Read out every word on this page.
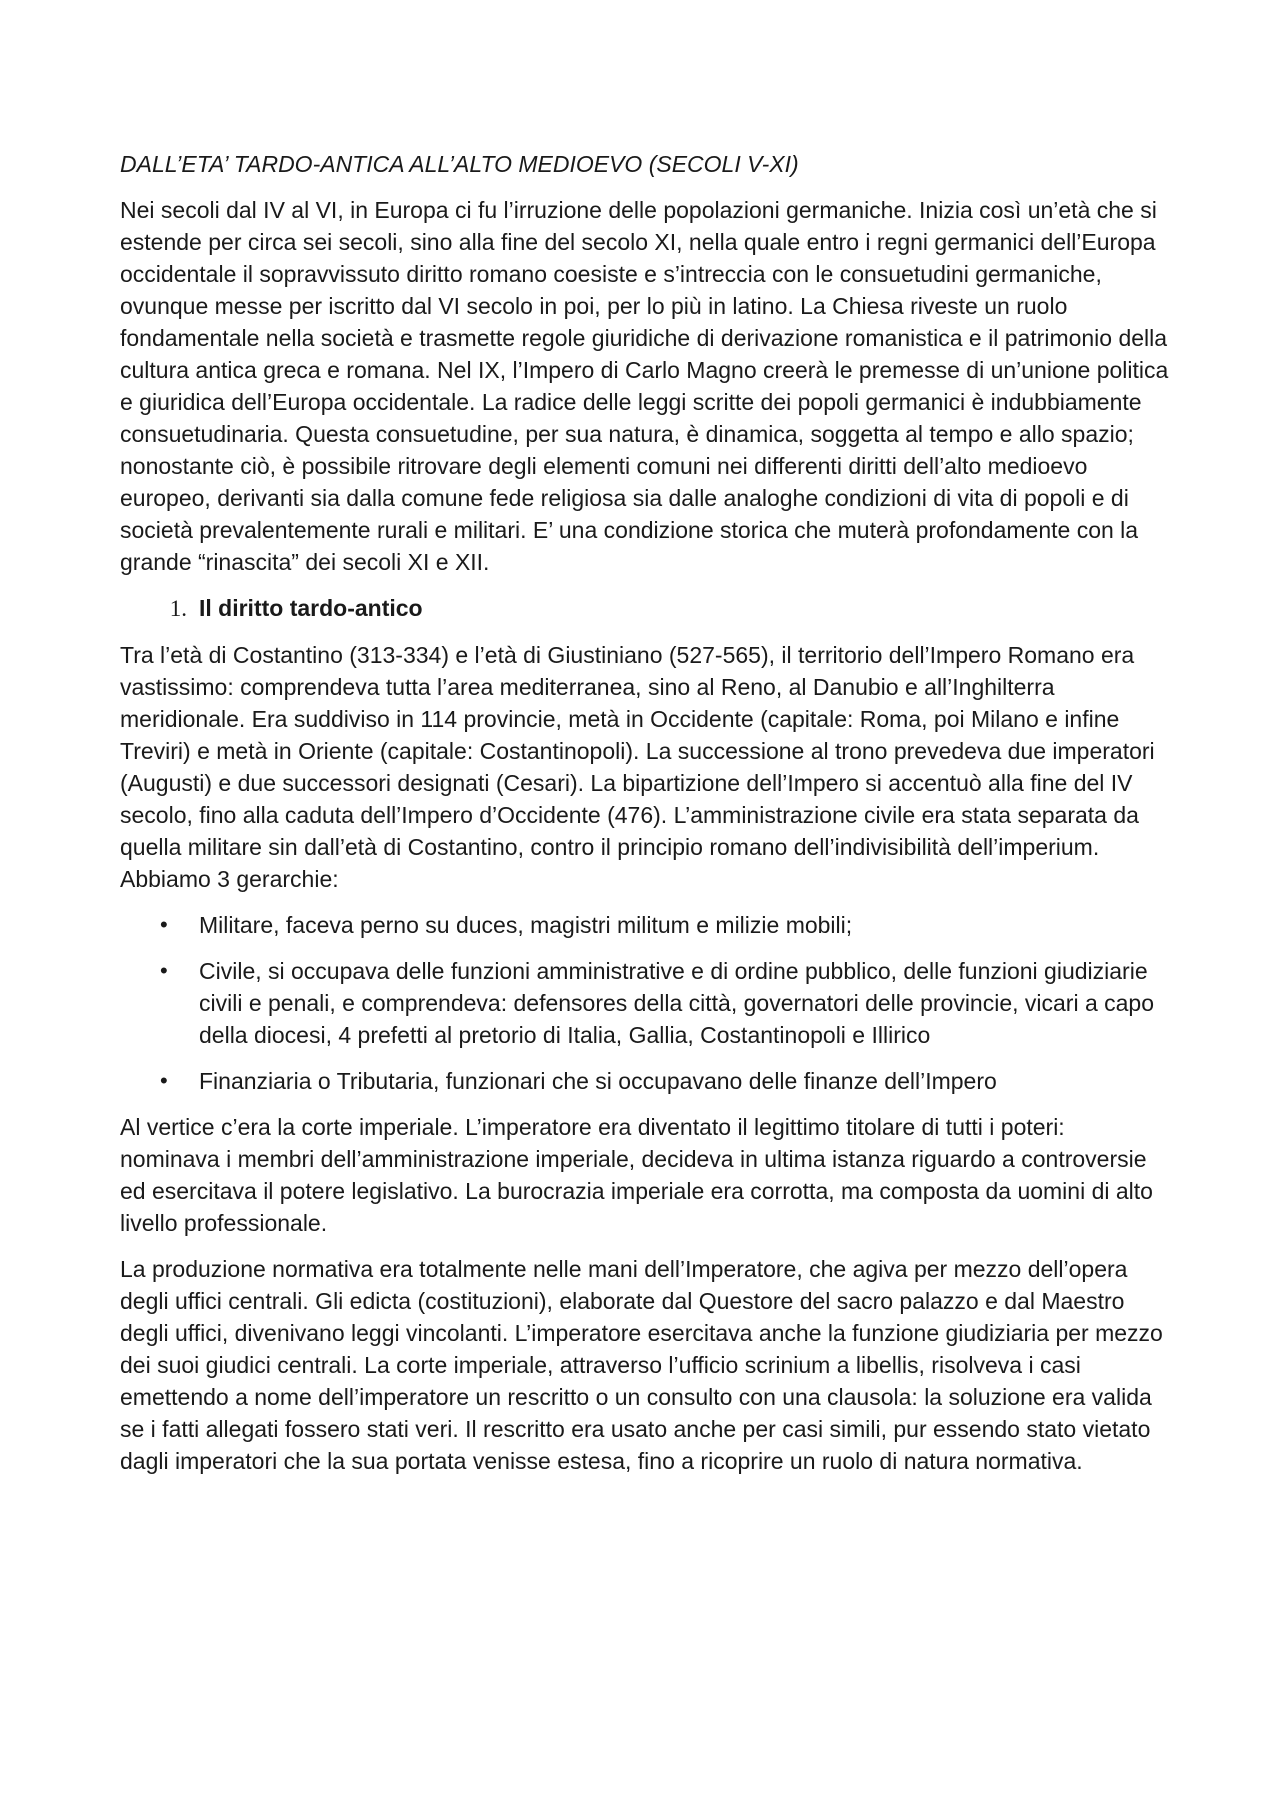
DALL’ETA’ TARDO-ANTICA ALL’ALTO MEDIOEVO (SECOLI V-XI)

Nei secoli dal IV al VI, in Europa ci fu l’irruzione delle popolazioni germaniche. Inizia così un’età che si estende per circa sei secoli, sino alla fine del secolo XI, nella quale entro i regni germanici dell’Europa occidentale il sopravvissuto diritto romano coesiste e s’intreccia con le consuetudini germaniche, ovunque messe per iscritto dal VI secolo in poi, per lo più in latino. La Chiesa riveste un ruolo fondamentale nella società e trasmette regole giuridiche di derivazione romanistica e il patrimonio della cultura antica greca e romana. Nel IX, l’Impero di Carlo Magno creerà le premesse di un’unione politica e giuridica dell’Europa occidentale. La radice delle leggi scritte dei popoli germanici è indubbiamente consuetudinaria. Questa consuetudine, per sua natura, è dinamica, soggetta al tempo e allo spazio; nonostante ciò, è possibile ritrovare degli elementi comuni nei differenti diritti dell’alto medioevo europeo, derivanti sia dalla comune fede religiosa sia dalle analoghe condizioni di vita di popoli e di società prevalentemente rurali e militari. E’ una condizione storica che muterà profondamente con la grande “rinascita” dei secoli XI e XII.

1. Il diritto tardo-antico

Tra l’età di Costantino (313-334) e l’età di Giustiniano (527-565), il territorio dell’Impero Romano era vastissimo: comprendeva tutta l’area mediterranea, sino al Reno, al Danubio e all’Inghilterra meridionale. Era suddiviso in 114 provincie, metà in Occidente (capitale: Roma, poi Milano e infine Treviri) e metà in Oriente (capitale: Costantinopoli). La successione al trono prevedeva due imperatori (Augusti) e due successori designati (Cesari). La bipartizione dell’Impero si accentuò alla fine del IV secolo, fino alla caduta dell’Impero d’Occidente (476). L’amministrazione civile era stata separata da quella militare sin dall’età di Costantino, contro il principio romano dell’indivisibilità dell’imperium. Abbiamo 3 gerarchie:

•	Militare, faceva perno su duces, magistri militum e milizie mobili;
•	Civile, si occupava delle funzioni amministrative e di ordine pubblico, delle funzioni giudiziarie civili e penali, e comprendeva: defensores della città, governatori delle provincie, vicari a capo della diocesi, 4 prefetti al pretorio di Italia, Gallia, Costantinopoli e Illirico
•	Finanziaria o Tributaria, funzionari che si occupavano delle finanze dell’Impero

Al vertice c’era la corte imperiale. L’imperatore era diventato il legittimo titolare di tutti i poteri: nominava i membri dell’amministrazione imperiale, decideva in ultima istanza riguardo a controversie ed esercitava il potere legislativo. La burocrazia imperiale era corrotta, ma composta da uomini di alto livello professionale.

La produzione normativa era totalmente nelle mani dell’Imperatore, che agiva per mezzo dell’opera degli uffici centrali. Gli edicta (costituzioni), elaborate dal Questore del sacro palazzo e dal Maestro degli uffici, divenivano leggi vincolanti. L’imperatore esercitava anche la funzione giudiziaria per mezzo dei suoi giudici centrali. La corte imperiale, attraverso l’ufficio scrinium a libellis, risolveva i casi emettendo a nome dell’imperatore un rescritto o un consulto con una clausola: la soluzione era valida se i fatti allegati fossero stati veri. Il rescritto era usato anche per casi simili, pur essendo stato vietato dagli imperatori che la sua portata venisse estesa, fino a ricoprire un ruolo di natura normativa.
